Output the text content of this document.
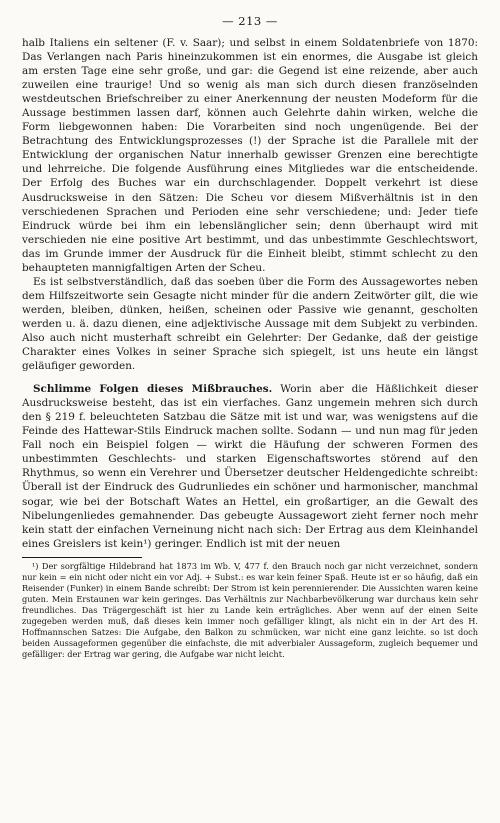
— 213 —

halb Italiens ein seltener (F. v. Saar); und selbst in einem Soldatenbriefe von 1870: Das Verlangen nach Paris hineinzukommen ist ein enormes, die Ausgabe ist gleich am ersten Tage eine sehr große, und gar: die Gegend ist eine reizende, aber auch zuweilen eine traurige! Und so wenig als man sich durch diesen französelnden westdeutschen Briefschreiber zu einer Anerkennung der neusten Modeform für die Aussage bestimmen lassen darf, können auch Gelehrte dahin wirken, welche die Form liebgewonnen haben: Die Vorarbeiten sind noch ungenügende. Bei der Betrachtung des Entwicklungsprozesses (!) der Sprache ist die Parallele mit der Entwicklung der organischen Natur innerhalb gewisser Grenzen eine berechtigte und lehrreiche. Die folgende Ausführung eines Mitgliedes war die entscheidende. Der Erfolg des Buches war ein durchschlagender. Doppelt verkehrt ist diese Ausdrucksweise in den Sätzen: Die Scheu vor diesem Mißverhältnis ist in den verschiedenen Sprachen und Perioden eine sehr verschiedene; und: Jeder tiefe Eindruck würde bei ihm ein lebenslänglicher sein; denn überhaupt wird mit verschieden nie eine positive Art bestimmt, und das unbestimmte Geschlechtswort, das im Grunde immer der Ausdruck für die Einheit bleibt, stimmt schlecht zu den behaupteten mannigfaltigen Arten der Scheu.

Es ist selbstverständlich, daß das soeben über die Form des Aussagewortes neben dem Hilfszeitworte sein Gesagte nicht minder für die andern Zeitwörter gilt, die wie werden, bleiben, dünken, heißen, scheinen oder Passive wie genannt, gescholten werden u. ä. dazu dienen, eine adjektivische Aussage mit dem Subjekt zu verbinden. Also auch nicht musterhaft schreibt ein Gelehrter: Der Gedanke, daß der geistige Charakter eines Volkes in seiner Sprache sich spiegelt, ist uns heute ein längst geläufiger geworden.

Schlimme Folgen dieses Mißbrauches. Worin aber die Häßlichkeit dieser Ausdrucksweise besteht, das ist ein vierfaches. Ganz ungemein mehren sich durch den § 219 f. beleuchteten Satzbau die Sätze mit ist und war, was wenigstens auf die Feinde des Hattewar-Stils Eindruck machen sollte. Sodann — und nun mag für jeden Fall noch ein Beispiel folgen — wirkt die Häufung der schweren Formen des unbestimmten Geschlechts- und starken Eigenschaftswortes störend auf den Rhythmus, so wenn ein Verehrer und Übersetzer deutscher Heldengedichte schreibt: Überall ist der Eindruck des Gudrunliedes ein schöner und harmonischer, manchmal sogar, wie bei der Botschaft Wates an Hettel, ein großartiger, an die Gewalt des Nibelungenliedes gemahnender. Das gebeugte Aussagewort zieht ferner noch mehr kein statt der einfachen Verneinung nicht nach sich: Der Ertrag aus dem Kleinhandel eines Greislers ist kein¹) geringer. Endlich ist mit der neuen

¹) Der sorgfältige Hildebrand hat 1873 im Wb. V, 477 f. den Brauch noch gar nicht verzeichnet, sondern nur kein = ein nicht oder nicht ein vor Adj. + Subst.: es war kein feiner Spaß. Heute ist er so häufig, daß ein Reisender (Funker) in einem Bande schreibt: Der Strom ist kein perennierender. Die Aussichten waren keine guten. Mein Erstaunen war kein geringes. Das Verhältnis zur Nachbarbevölkerung war durchaus kein sehr freundliches. Das Trägergeschäft ist hier zu Lande kein erträgliches. Aber wenn auf der einen Seite zugegeben werden muß, daß dieses kein immer noch gefälliger klingt, als nicht ein in der Art des H. Hoffmannschen Satzes: Die Aufgabe, den Balkon zu schmücken, war nicht eine ganz leichte. so ist doch beiden Aussageformen gegenüber die einfachste, die mit adverbialer Aussageform, zugleich bequemer und gefälliger: der Ertrag war gering, die Aufgabe war nicht leicht.
